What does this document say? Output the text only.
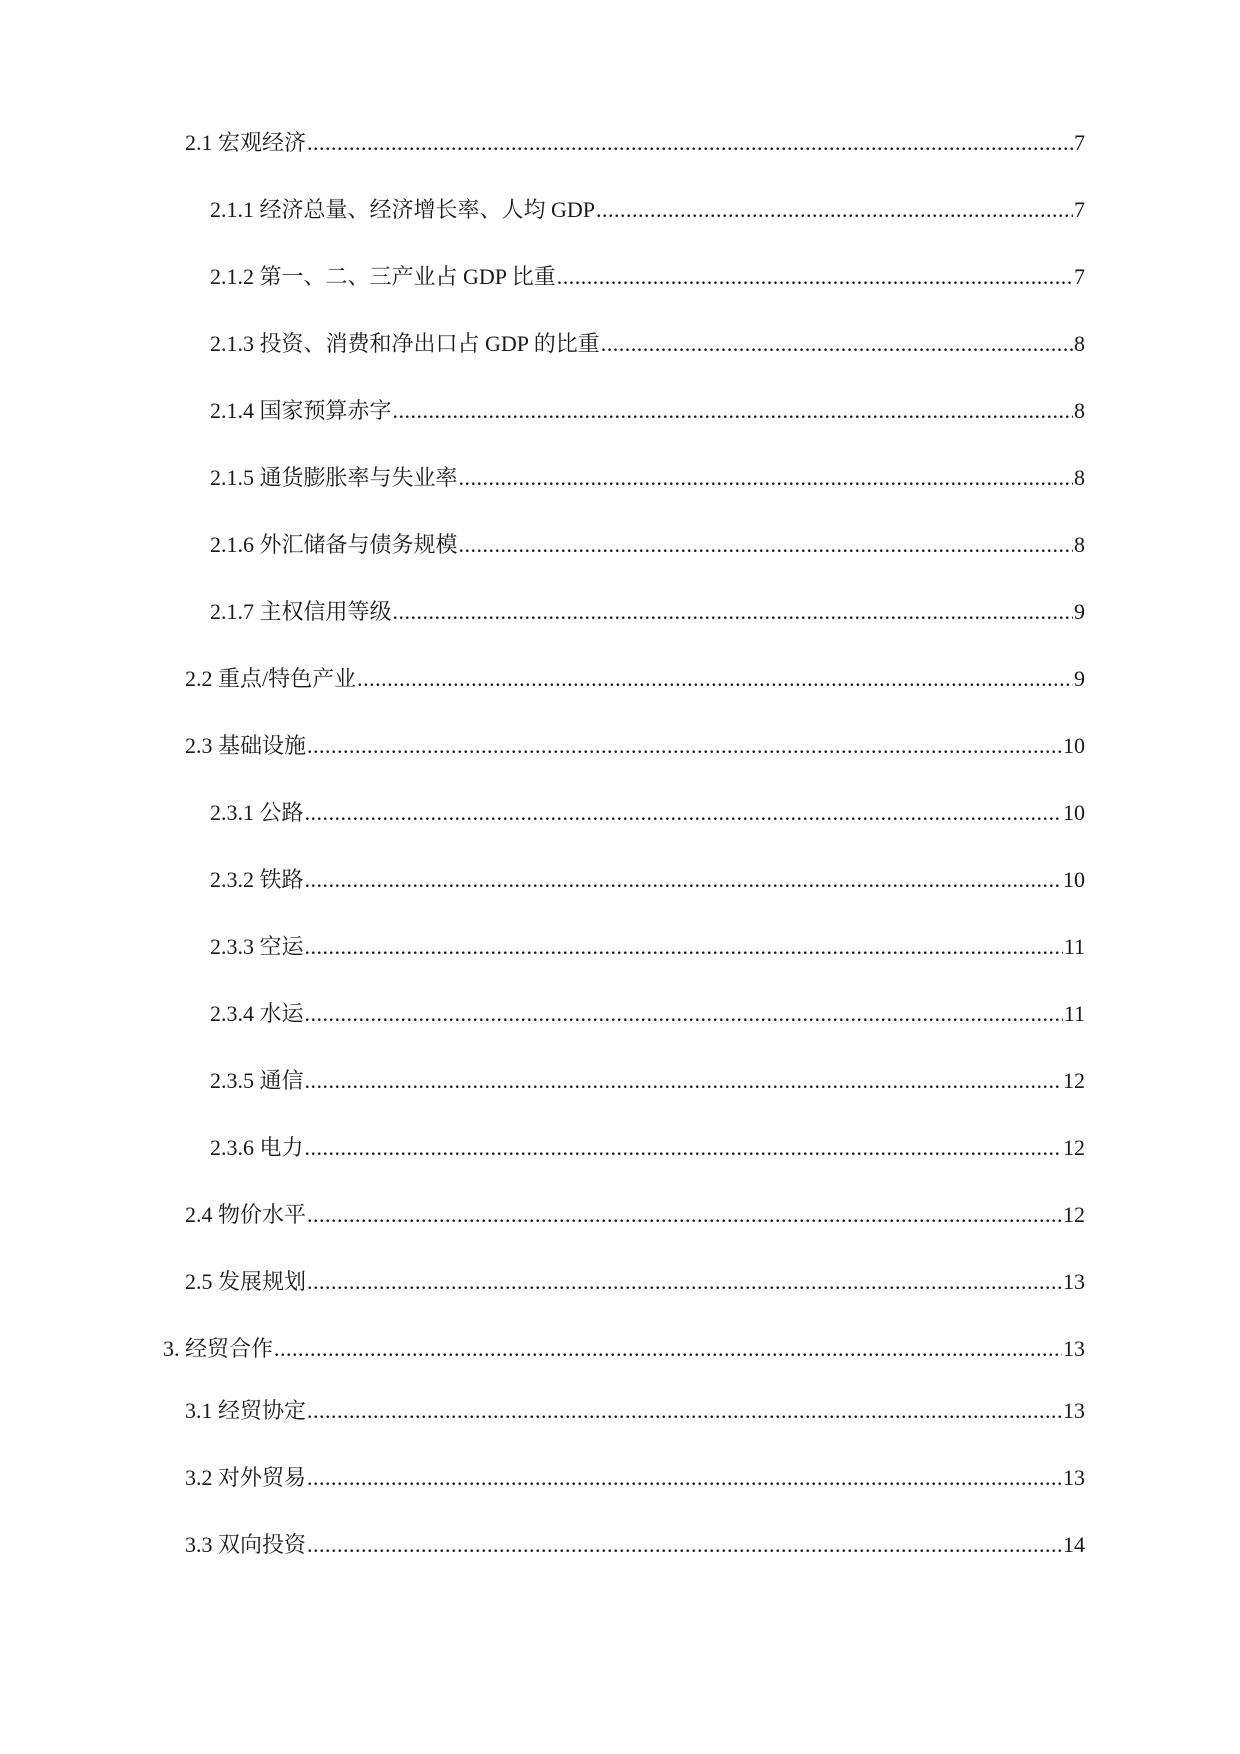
2.1 宏观经济 .....	7
2.1.1 经济总量、经济增长率、人均 GDP .....	7
2.1.2 第一、二、三产业占 GDP 比重 .....	7
2.1.3 投资、消费和净出口占 GDP 的比重 .....	8
2.1.4 国家预算赤字 .....	8
2.1.5 通货膨胀率与失业率 .....	8
2.1.6 外汇储备与债务规模 .....	8
2.1.7 主权信用等级 .....	9
2.2 重点/特色产业 .....	9
2.3 基础设施 .....	10
2.3.1 公路 .....	10
2.3.2 铁路 .....	10
2.3.3 空运 .....	11
2.3.4 水运 .....	11
2.3.5 通信 .....	12
2.3.6 电力 .....	12
2.4 物价水平 .....	12
2.5 发展规划 .....	13
3. 经贸合作 .....	13
3.1 经贸协定 .....	13
3.2 对外贸易 .....	13
3.3 双向投资 .....	14
